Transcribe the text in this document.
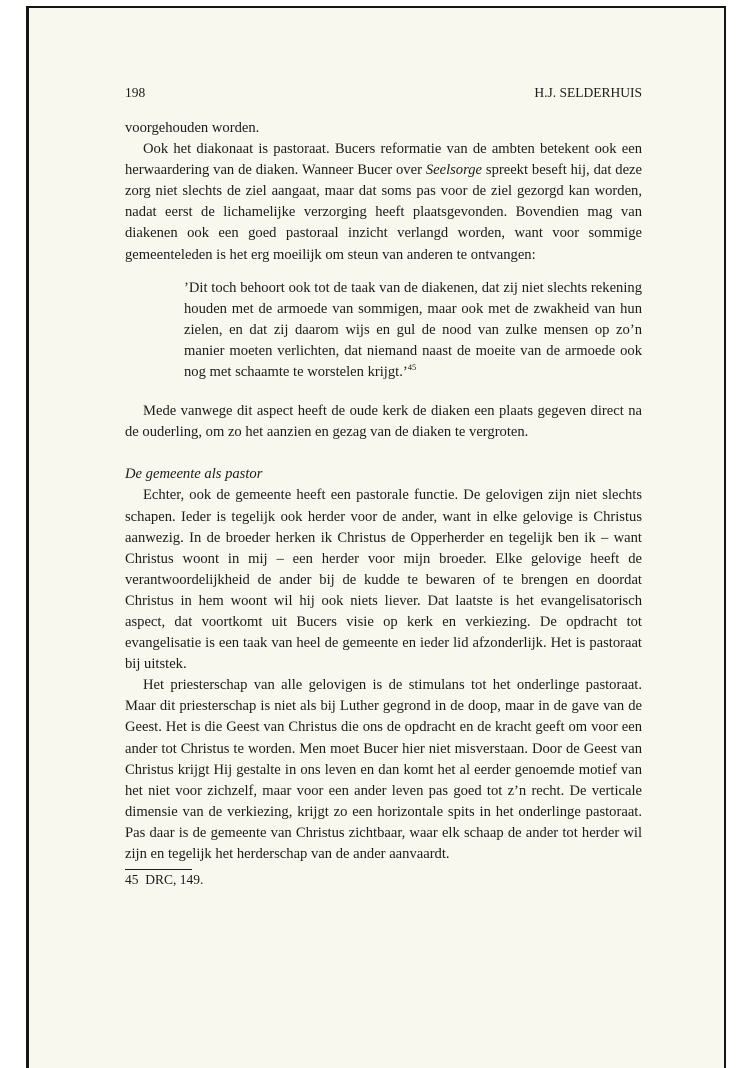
198	H.J. SELDERHUIS

voorgehouden worden.

Ook het diakonaat is pastoraat. Bucers reformatie van de ambten betekent ook een herwaardering van de diaken. Wanneer Bucer over Seelsorge spreekt beseft hij, dat deze zorg niet slechts de ziel aangaat, maar dat soms pas voor de ziel gezorgd kan worden, nadat eerst de lichamelijke verzorging heeft plaatsgevonden. Bovendien mag van diakenen ook een goed pastoraal inzicht verlangd worden, want voor sommige gemeenteleden is het erg moeilijk om steun van anderen te ontvangen:

’Dit toch behoort ook tot de taak van de diakenen, dat zij niet slechts rekening houden met de armoede van sommigen, maar ook met de zwakheid van hun zielen, en dat zij daarom wijs en gul de nood van zulke mensen op zo’n manier moeten verlichten, dat niemand naast de moeite van de armoede ook nog met schaamte te worstelen krijgt.’$^{45}$

Mede vanwege dit aspect heeft de oude kerk de diaken een plaats gegeven direct na de ouderling, om zo het aanzien en gezag van de diaken te vergroten.

De gemeente als pastor

Echter, ook de gemeente heeft een pastorale functie. De gelovigen zijn niet slechts schapen. Ieder is tegelijk ook herder voor de ander, want in elke gelovige is Christus aanwezig. In de broeder herken ik Christus de Opperherder en tegelijk ben ik – want Christus woont in mij – een herder voor mijn broeder. Elke gelovige heeft de verantwoordelijkheid de ander bij de kudde te bewaren of te brengen en doordat Christus in hem woont wil hij ook niets liever. Dat laatste is het evangelisatorisch aspect, dat voortkomt uit Bucers visie op kerk en verkiezing. De opdracht tot evangelisatie is een taak van heel de gemeente en ieder lid afzonderlijk. Het is pastoraat bij uitstek.

Het priesterschap van alle gelovigen is de stimulans tot het onderlinge pastoraat. Maar dit priesterschap is niet als bij Luther gegrond in de doop, maar in de gave van de Geest. Het is die Geest van Christus die ons de opdracht en de kracht geeft om voor een ander tot Christus te worden. Men moet Bucer hier niet misverstaan. Door de Geest van Christus krijgt Hij gestalte in ons leven en dan komt het al eerder genoemde motief van het niet voor zichzelf, maar voor een ander leven pas goed tot z’n recht. De verticale dimensie van de verkiezing, krijgt zo een horizontale spits in het onderlinge pastoraat. Pas daar is de gemeente van Christus zichtbaar, waar elk schaap de ander tot herder wil zijn en tegelijk het herderschap van de ander aanvaardt.

45 DRC, 149.
